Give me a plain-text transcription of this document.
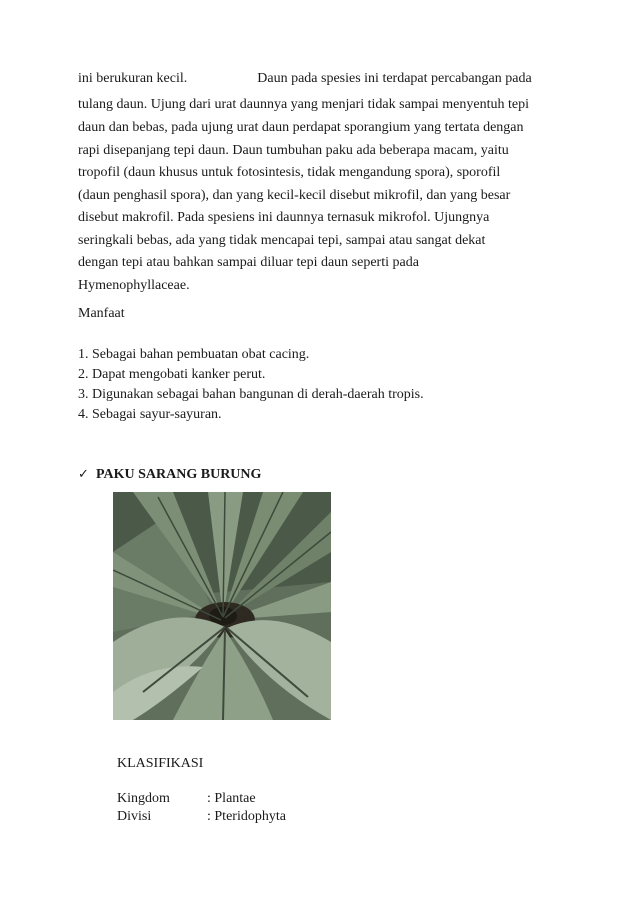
ini berukuran kecil.	Daun pada spesies ini terdapat percabangan pada
tulang daun. Ujung dari urat daunnya yang menjari tidak sampai menyentuh tepi
daun dan bebas, pada ujung urat daun perdapat sporangium yang tertata dengan
rapi disepanjang tepi daun. Daun tumbuhan paku ada beberapa macam, yaitu
tropofil (daun khusus untuk fotosintesis, tidak mengandung spora), sporofil
(daun penghasil spora), dan yang kecil-kecil disebut mikrofil, dan yang besar
disebut makrofil. Pada spesiens ini daunnya ternasuk mikrofol. Ujungnya
seringkali bebas, ada yang tidak mencapai tepi, sampai atau sangat dekat
dengan tepi atau bahkan sampai diluar tepi daun seperti pada
Hymenophyllaceae.
Manfaat
1. Sebagai bahan pembuatan obat cacing.
2. Dapat mengobati kanker perut.
3. Digunakan sebagai bahan bangunan di derah-daerah tropis.
4. Sebagai sayur-sayuran.
✓ PAKU SARANG BURUNG
KLASIFIKASI
Kingdom	: Plantae
Divisi	: Pteridophyta
